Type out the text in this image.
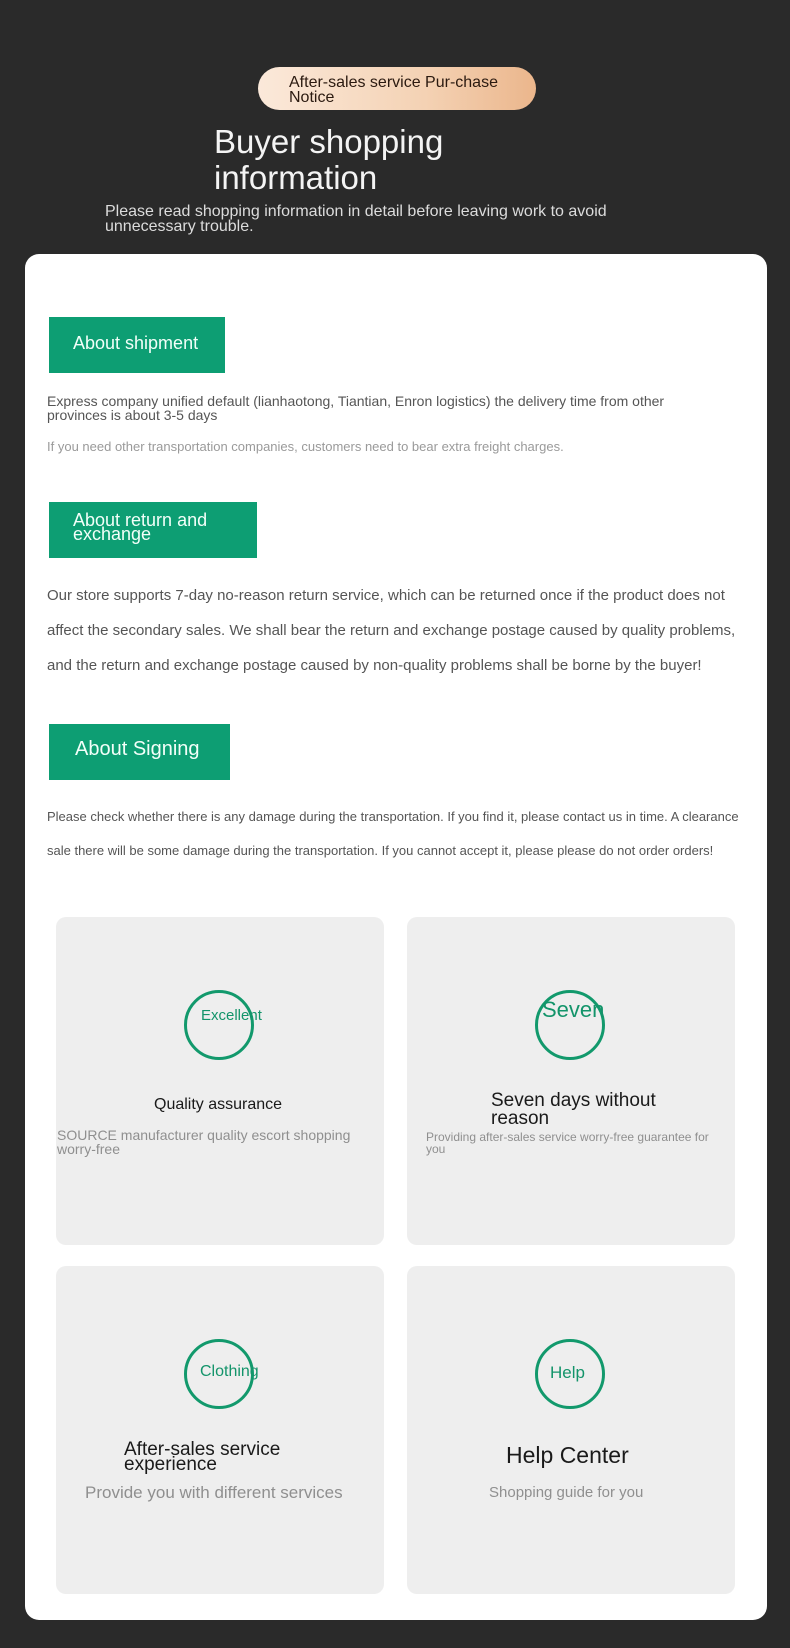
After-sales service Pur-chase Notice
Buyer shopping information
Please read shopping information in detail before leaving work to avoid unnecessary trouble.
About shipment
Express company unified default (lianhaotong, Tiantian, Enron logistics) the delivery time from other provinces is about 3-5 days
If you need other transportation companies, customers need to bear extra freight charges.
About return and exchange
Our store supports 7-day no-reason return service, which can be returned once if the product does not affect the secondary sales. We shall bear the return and exchange postage caused by quality problems, and the return and exchange postage caused by non-quality problems shall be borne by the buyer!
About Signing
Please check whether there is any damage during the transportation. If you find it, please contact us in time. A clearance sale there will be some damage during the transportation. If you cannot accept it, please please do not order orders!
Excellent
Quality assurance
SOURCE manufacturer quality escort shopping worry-free
Seven
Seven days without reason
Providing after-sales service worry-free guarantee for you
Clothing
After-sales service experience
Provide you with different services
Help
Help Center
Shopping guide for you
